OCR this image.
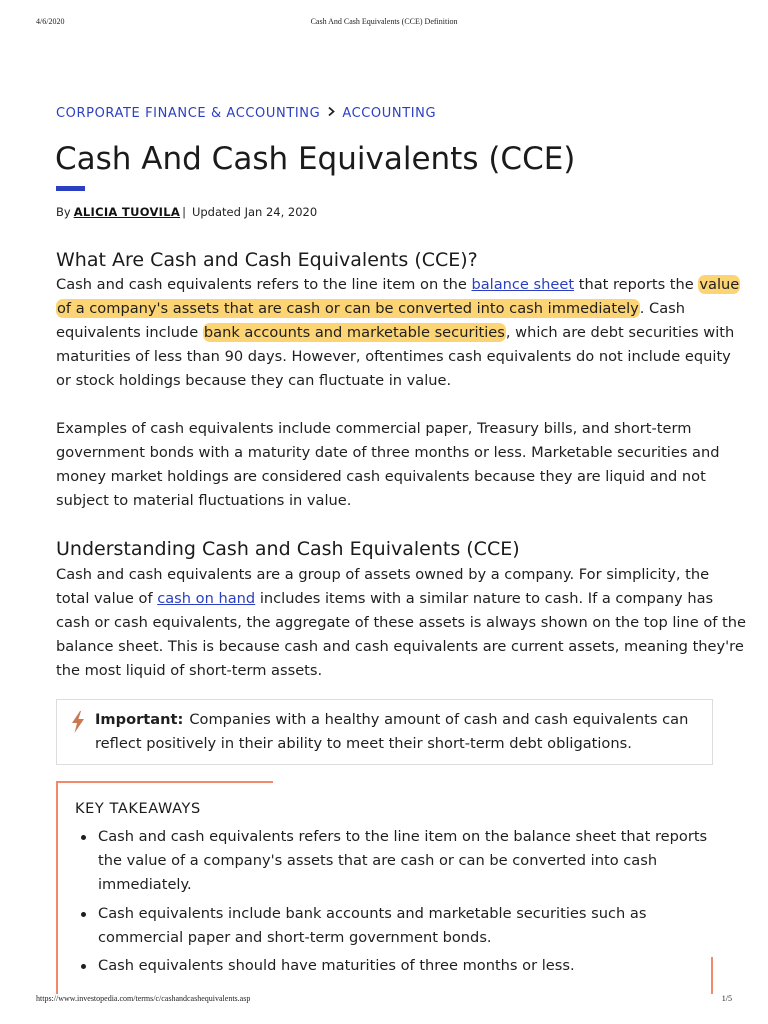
4/6/2020	Cash And Cash Equivalents (CCE) Definition
CORPORATE FINANCE & ACCOUNTING ACCOUNTING
Cash And Cash Equivalents (CCE)
By ALICIA TUOVILA | Updated Jan 24, 2020
What Are Cash and Cash Equivalents (CCE)?
Cash and cash equivalents refers to the line item on the balance sheet that reports the value
of a company's assets that are cash or can be converted into cash immediately. Cash
equivalents include bank accounts and marketable securities, which are debt securities with
maturities of less than 90 days. However, oftentimes cash equivalents do not include equity
or stock holdings because they can fluctuate in value.
Examples of cash equivalents include commercial paper, Treasury bills, and short-term
government bonds with a maturity date of three months or less. Marketable securities and
money market holdings are considered cash equivalents because they are liquid and not
subject to material fluctuations in value.
Understanding Cash and Cash Equivalents (CCE)
Cash and cash equivalents are a group of assets owned by a company. For simplicity, the
total value of cash on hand includes items with a similar nature to cash. If a company has
cash or cash equivalents, the aggregate of these assets is always shown on the top line of the
balance sheet. This is because cash and cash equivalents are current assets, meaning they're
the most liquid of short-term assets.
Important: Companies with a healthy amount of cash and cash equivalents can
reflect positively in their ability to meet their short-term debt obligations.
KEY TAKEAWAYS
Cash and cash equivalents refers to the line item on the balance sheet that reports
the value of a company's assets that are cash or can be converted into cash
immediately.
Cash equivalents include bank accounts and marketable securities such as
commercial paper and short-term government bonds.
Cash equivalents should have maturities of three months or less.
https://www.investopedia.com/terms/c/cashandcashequivalents.asp	1/5
